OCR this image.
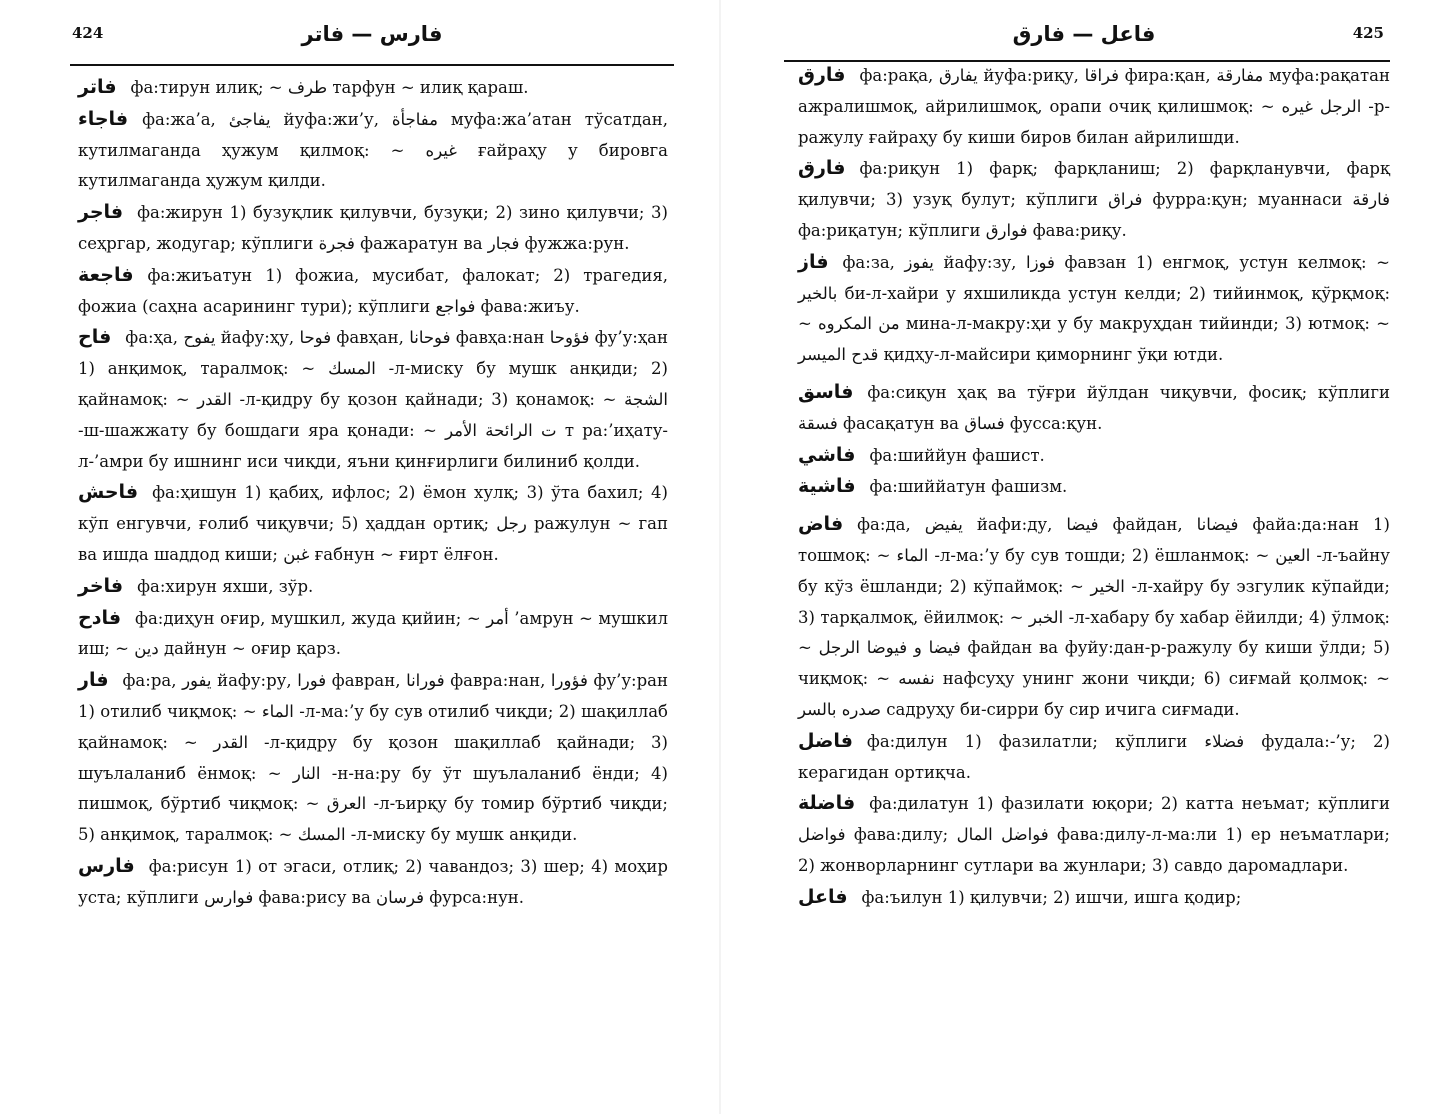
424	فارس — فاتر

فاتر фа:тирун илиқ; ~ طرف тарфун ~ илиқ қараш.

فاجاء фа:жа’а, يفاجئ йуфа:жи’у, مفاجأة муфа:жа’атан тўсатдан, кутилмаганда ҳужум қилмоқ: ~ غيره ғайраҳу у бировга кутилмаганда ҳужум қилди.

فاجر фа:жирун 1) бузуқлик қилувчи, бузуқи; 2) зино қилувчи; 3) сеҳргар, жодугар; кўплиги فجرة фажаратун ва فجار фужжа:рун.

فاجعة фа:жиъатун 1) фожиа, мусибат, фалокат; 2) трагедия, фожиа (саҳна асарининг тури); кўплиги فواجع фава:жиъу.

فاح фа:ҳа, يفوح йафу:ҳу, فوحا фавҳан, فوحانا фавҳа:нан فؤوحا фу’у:ҳан 1) анқимоқ, таралмоқ: ~ المسك -л-миску бу мушк анқиди; 2) қайнамоқ: ~ القدر -л-қидру бу қозон қайнади; 3) қонамоқ: ~ الشجة -ш-шажжату бу бошдаги яра қонади: ~ ت الرائحة الأمر т ра:’иҳату-л-’амри бу ишнинг иси чиқди, яъни қинғирлиги билиниб қолди.

فاحش фа:ҳишун 1) қабиҳ, ифлос; 2) ёмон хулқ; 3) ўта бахил; 4) кўп енгувчи, ғолиб чиқувчи; 5) ҳаддан ортиқ; رجل ражулун ~ гап ва ишда шаддод киши; غبن ғабнун ~ ғирт ёлғон.

فاخر фа:хирун яхши, зўр.

فادح фа:диҳун оғир, мушкил, жуда қийин; ~ أمر ’амрун ~ мушкил иш; ~ دين дайнун ~ оғир қарз.

فار фа:ра, يفور йафу:ру, فورا фавран, فورانا фавра:нан, فؤورا фу’у:ран 1) отилиб чиқмоқ: ~ الماء -л-ма:’у бу сув отилиб чиқди; 2) шақиллаб қайнамоқ: ~ القدر -л-қидру бу қозон шақиллаб қайнади; 3) шуълаланиб ёнмоқ: ~ النار -н-на:ру бу ўт шуълаланиб ёнди; 4) пишмоқ, бўртиб чиқмоқ: ~ العرق -л-ъирқу бу томир бўртиб чиқди; 5) анқимоқ, таралмоқ: ~ المسك -л-миску бу мушк анқиди.

فارس фа:рисун 1) от эгаси, отлиқ; 2) чавандоз; 3) шер; 4) моҳир уста; кўплиги فوارس фава:рису ва فرسان фурса:нун.

425
فاعل — فارق

فارق фа:рақа, يفارق йуфа:риқу, فراقا фира:қан, مفارقة муфа:рақатан ажралишмоқ, айрилишмоқ, орапи очиқ қилишмоқ: ~ الرجل غيره -р-ражулу ғайраҳу бу киши биров билан айрилишди.

فارق фа:риқун 1) фарқ; фарқланиш; 2) фарқланувчи, фарқ қилувчи; 3) узуқ булут; кўплиги فراق фурра:қун; муаннаси فارقة фа:риқатун; кўплиги فوارق фава:риқу.

فاز фа:за, يفوز йафу:зу, فوزا фавзан 1) енгмоқ, устун келмоқ: ~ بالخير би-л-хайри у яхшиликда устун келди; 2) тийинмоқ, қўрқмоқ: ~ من المكروه мина-л-макру:ҳи у бу макруҳдан тийинди; 3) ютмоқ: ~ قدح الميسر қидҳу-л-майсири қиморнинг ўқи ютди.

فاسق фа:сиқун ҳақ ва тўғри йўлдан чиқувчи, фосиқ; кўплиги فسقة фасақатун ва فساق фусса:қун.

فاشي фа:шиййун фашист.

فاشية фа:шиййатун фашизм.

فاض фа:да, يفيض йафи:ду, فيضا файдан, فيضانا файа:да:нан 1) тошмоқ: ~ الماء -л-ма:’у бу сув тошди; 2) ёшланмоқ: ~ العين -л-ъайну бу кўз ёшланди; 2) кўпаймоқ: ~ الخير -л-хайру бу эзгулик кўпайди; 3) тарқалмоқ, ёйилмоқ: ~ الخبر -л-хабару бу хабар ёйилди; 4) ўлмоқ: ~ فيضا و فيوضا الرجل файдан ва фуйу:дан-р-ражулу бу киши ўлди; 5) чиқмоқ: ~ نفسه нафсуҳу унинг жони чиқди; 6) сиғмай қолмоқ: ~ صدره بالسر садруҳу би-сирри бу сир ичига сиғмади.

فاضل фа:дилун 1) фазилатли; кўплиги فضلاء фудала:-’у; 2) керагидан ортиқча.

فاضلة фа:дилатун 1) фазилати юқори; 2) катта неъмат; кўплиги فواضل фава:дилу; فواضل المال фава:дилу-л-ма:ли 1) ер неъматлари; 2) жонворларнинг сутлари ва жунлари; 3) савдо даромадлари.

فاعل фа:ъилун 1) қилувчи; 2) ишчи, ишга қодир;
